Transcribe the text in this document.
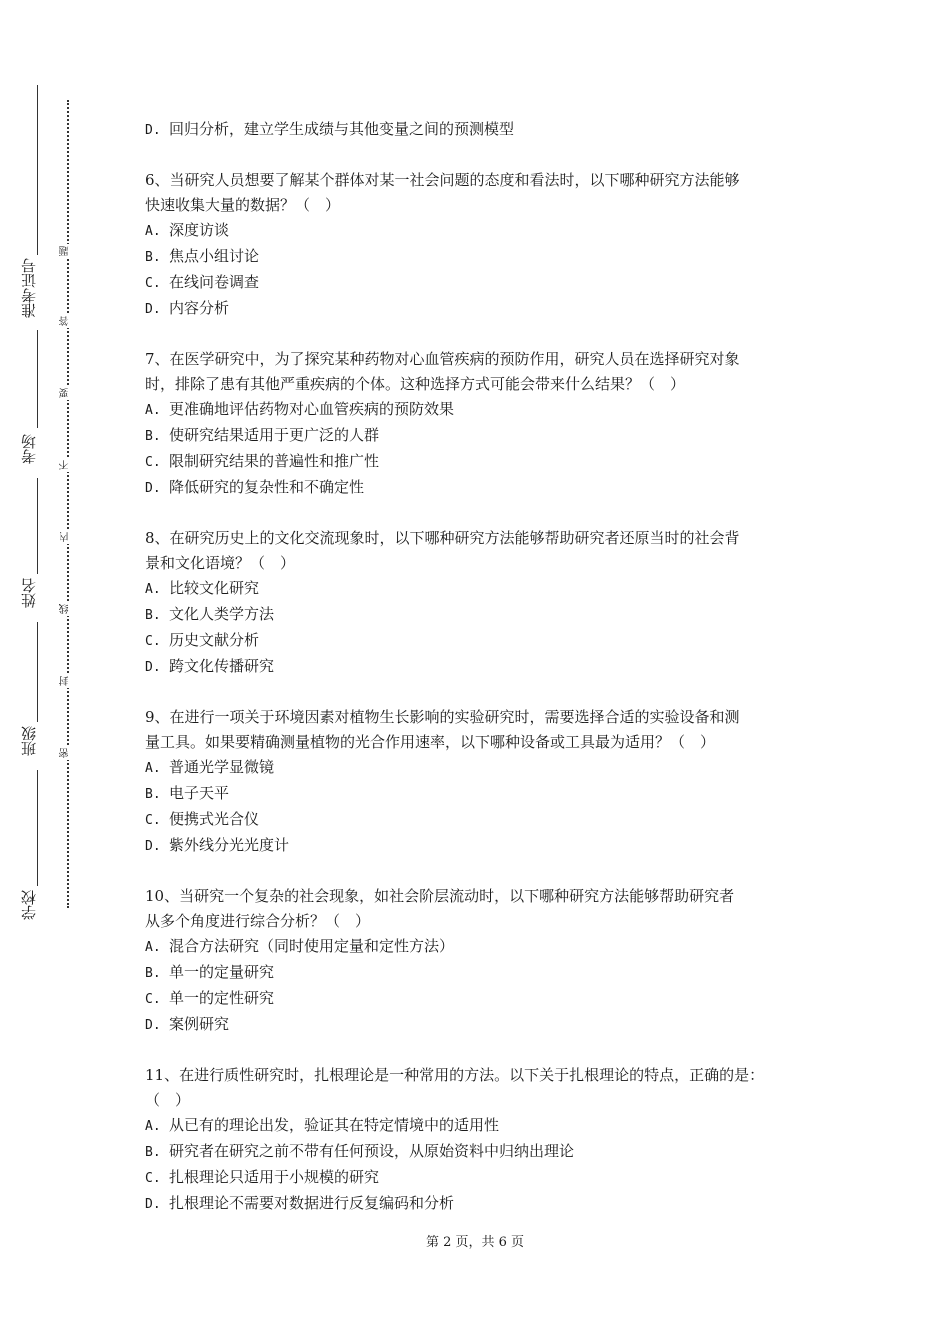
准考证号
考场
姓名
班级
学校
题
答
要
不
内
线
封
密
D. 回归分析，建立学生成绩与其他变量之间的预测模型
6、当研究人员想要了解某个群体对某一社会问题的态度和看法时，以下哪种研究方法能够
快速收集大量的数据？（　）
A. 深度访谈
B. 焦点小组讨论
C. 在线问卷调查
D. 内容分析
7、在医学研究中，为了探究某种药物对心血管疾病的预防作用，研究人员在选择研究对象
时，排除了患有其他严重疾病的个体。这种选择方式可能会带来什么结果？（　）
A. 更准确地评估药物对心血管疾病的预防效果
B. 使研究结果适用于更广泛的人群
C. 限制研究结果的普遍性和推广性
D. 降低研究的复杂性和不确定性
8、在研究历史上的文化交流现象时，以下哪种研究方法能够帮助研究者还原当时的社会背
景和文化语境？（　）
A. 比较文化研究
B. 文化人类学方法
C. 历史文献分析
D. 跨文化传播研究
9、在进行一项关于环境因素对植物生长影响的实验研究时，需要选择合适的实验设备和测
量工具。如果要精确测量植物的光合作用速率，以下哪种设备或工具最为适用？（　）
A. 普通光学显微镜
B. 电子天平
C. 便携式光合仪
D. 紫外线分光光度计
10、当研究一个复杂的社会现象，如社会阶层流动时，以下哪种研究方法能够帮助研究者
从多个角度进行综合分析？（　）
A. 混合方法研究（同时使用定量和定性方法）
B. 单一的定量研究
C. 单一的定性研究
D. 案例研究
11、在进行质性研究时，扎根理论是一种常用的方法。以下关于扎根理论的特点，正确的是：
（　）
A. 从已有的理论出发，验证其在特定情境中的适用性
B. 研究者在研究之前不带有任何预设，从原始资料中归纳出理论
C. 扎根理论只适用于小规模的研究
D. 扎根理论不需要对数据进行反复编码和分析
第 2 页，共 6 页
